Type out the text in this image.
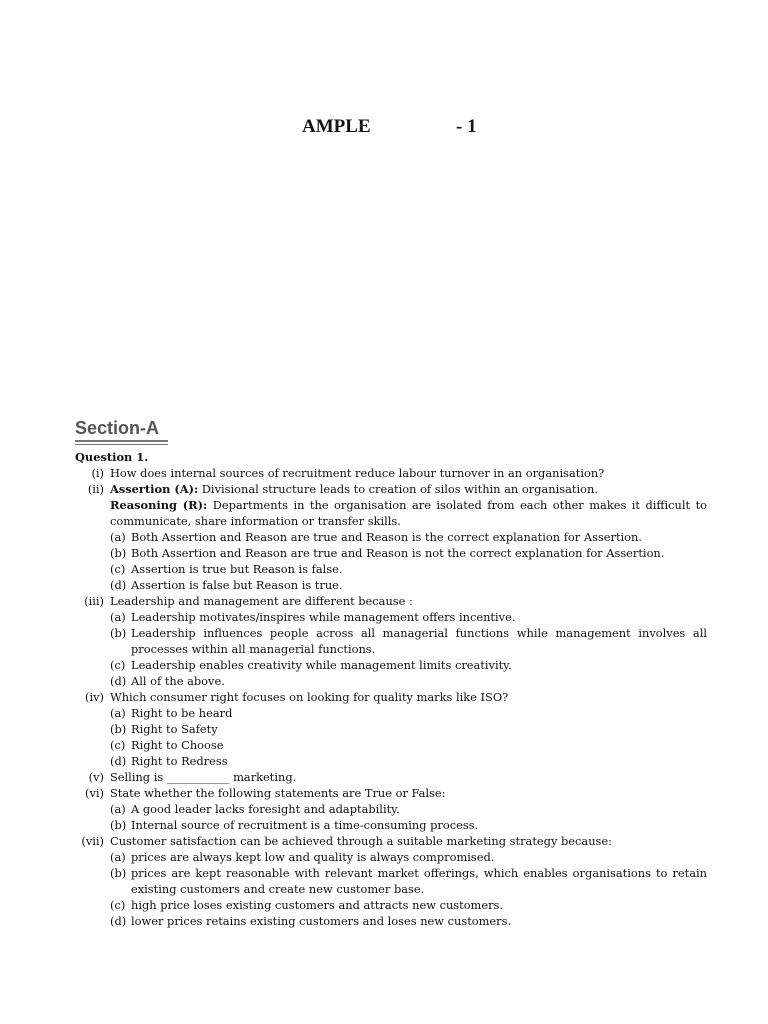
AMPLE	- 1
Section-A
Question 1.
(i) How does internal sources of recruitment reduce labour turnover in an organisation?
(ii) Assertion (A): Divisional structure leads to creation of silos within an organisation.
Reasoning (R): Departments in the organisation are isolated from each other makes it difficult to communicate, share information or transfer skills.
(a) Both Assertion and Reason are true and Reason is the correct explanation for Assertion.
(b) Both Assertion and Reason are true and Reason is not the correct explanation for Assertion.
(c) Assertion is true but Reason is false.
(d) Assertion is false but Reason is true.
(iii) Leadership and management are different because :
(a) Leadership motivates/inspires while management offers incentive.
(b) Leadership influences people across all managerial functions while management involves all processes within all managerial functions.
(c) Leadership enables creativity while management limits creativity.
(d) All of the above.
(iv) Which consumer right focuses on looking for quality marks like ISO?
(a) Right to be heard
(b) Right to Safety
(c) Right to Choose
(d) Right to Redress
(v) Selling is ___________ marketing.
(vi) State whether the following statements are True or False:
(a) A good leader lacks foresight and adaptability.
(b) Internal source of recruitment is a time-consuming process.
(vii) Customer satisfaction can be achieved through a suitable marketing strategy because:
(a) prices are always kept low and quality is always compromised.
(b) prices are kept reasonable with relevant market offerings, which enables organisations to retain existing customers and create new customer base.
(c) high price loses existing customers and attracts new customers.
(d) lower prices retains existing customers and loses new customers.
